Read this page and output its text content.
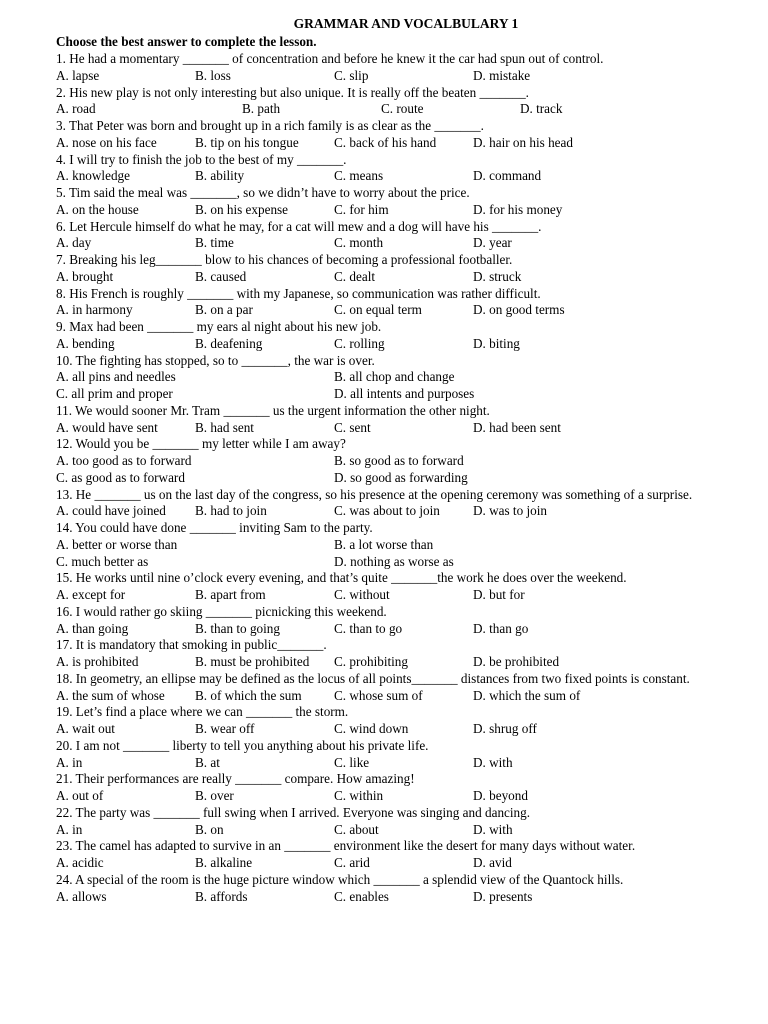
GRAMMAR AND VOCALBULARY 1
Choose the best answer to complete the lesson.
1. He had a momentary _______ of concentration and before he knew it the car had spun out of control.
A. lapse	B. loss	C. slip	D. mistake
2. His new play is not only interesting but also unique. It is really off the beaten _______.
A. road	B. path	C. route	D. track
3. That Peter was born and brought up in a rich family is as clear as the _______.
A. nose on his face	B. tip on his tongue	C. back of his hand	D. hair on his head
4. I will try to finish the job to the best of my _______.
A. knowledge	B. ability	C. means	D. command
5. Tim said the meal was _______, so we didn’t have to worry about the price.
A. on the house	B. on his expense	C. for him	D. for his money
6. Let Hercule himself do what he may, for a cat will mew and a dog will have his _______.
A. day	B. time	C. month	D. year
7. Breaking his leg_______ blow to his chances of becoming a professional footballer.
A. brought	B. caused	C. dealt	D. struck
8. His French is roughly _______ with my Japanese, so communication was rather difficult.
A. in harmony	B. on a par	C. on equal term	D. on good terms
9. Max had been _______ my ears al night about his new job.
A. bending	B. deafening	C. rolling	D. biting
10. The fighting has stopped, so to _______, the war is over.
A. all pins and needles	B. all chop and change
C. all prim and proper	D. all intents and purposes
11. We would sooner Mr. Tram _______ us the urgent information the other night.
A. would have sent	B. had sent	C. sent	D. had been sent
12. Would you be _______ my letter while I am away?
A. too good as to forward	B. so good as to forward
C. as good as to forward	D. so good as forwarding
13. He _______ us on the last day of the congress, so his presence at the opening ceremony was something of a surprise.
A. could have joined B. had to join	C. was about to join	D. was to join
14. You could have done _______ inviting Sam to the party.
A. better or worse than	B. a lot worse than
C. much better as	D. nothing as worse as
15. He works until nine o’clock every evening, and that’s quite _______the work he does over the weekend.
A. except for	B. apart from	C. without	D. but for
16. I would rather go skiing _______ picnicking this weekend.
A. than going	B. than to going	C. than to go	D. than go
17. It is mandatory that smoking in public_______.
A. is prohibited	B. must be prohibited C. prohibiting	D. be prohibited
18. In geometry, an ellipse may be defined as the locus of all points_______ distances from two fixed points is constant.
A. the sum of whose B. of which the sum C. whose sum of	D. which the sum of
19. Let’s find a place where we can _______ the storm.
A. wait out	B. wear off	C. wind down	D. shrug off
20. I am not _______ liberty to tell you anything about his private life.
A. in	B. at	C. like	D. with
21. Their performances are really _______ compare. How amazing!
A. out of	B. over	C. within	D. beyond
22. The party was _______ full swing when I arrived. Everyone was singing and dancing.
A. in	B. on	C. about	D. with
23. The camel has adapted to survive in an _______ environment like the desert for many days without water.
A. acidic	B. alkaline	C. arid	D. avid
24. A special of the room is the huge picture window which _______ a splendid view of the Quantock hills.
A. allows	B. affords	C. enables	D. presents
